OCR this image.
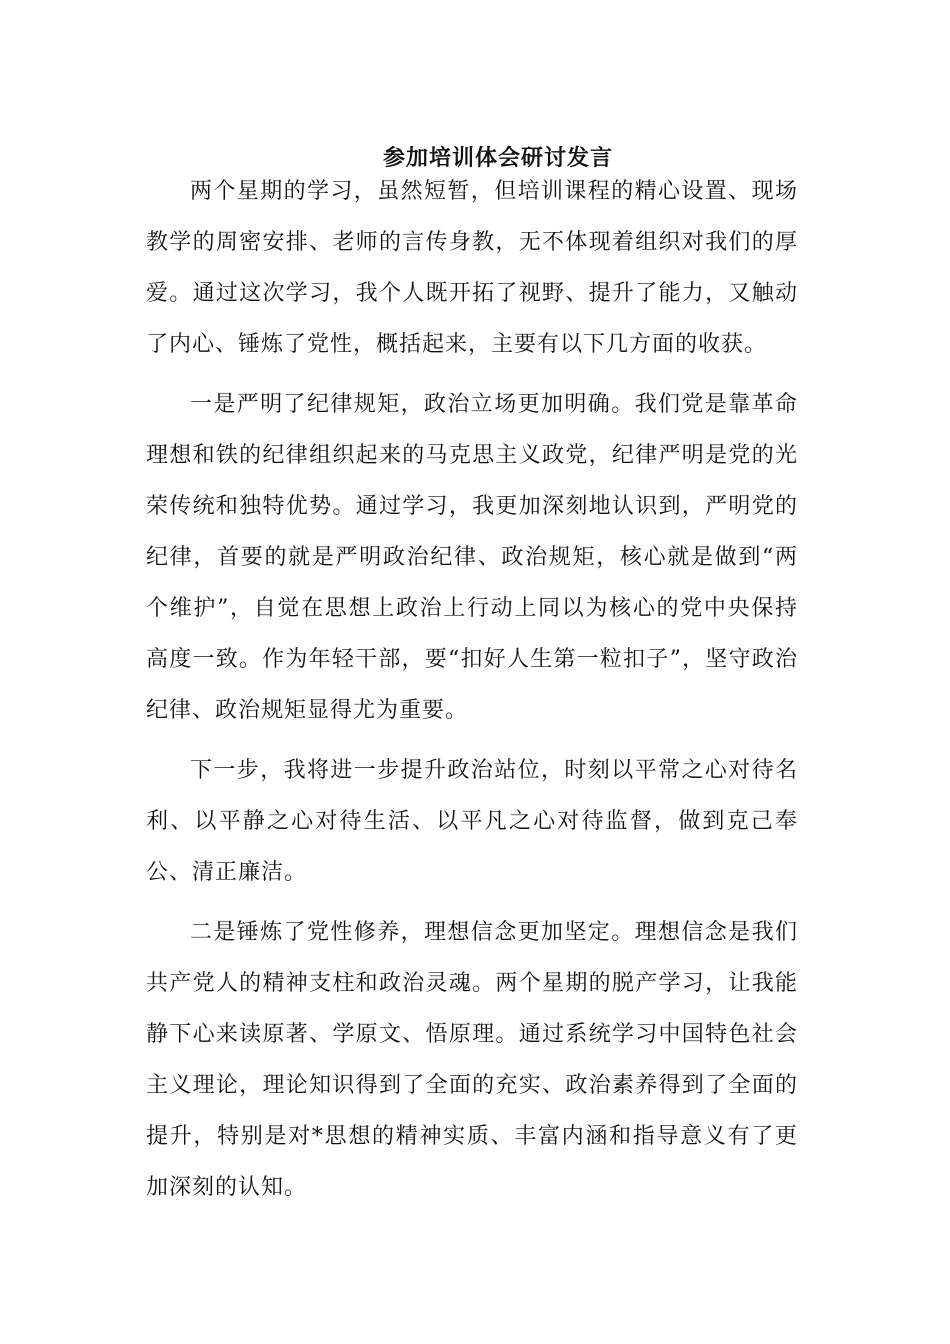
参加培训体会研讨发言

两个星期的学习，虽然短暂，但培训课程的精心设置、现场教学的周密安排、老师的言传身教，无不体现着组织对我们的厚爱。通过这次学习，我个人既开拓了视野、提升了能力，又触动了内心、锤炼了党性，概括起来，主要有以下几方面的收获。

一是严明了纪律规矩，政治立场更加明确。我们党是靠革命理想和铁的纪律组织起来的马克思主义政党，纪律严明是党的光荣传统和独特优势。通过学习，我更加深刻地认识到，严明党的纪律，首要的就是严明政治纪律、政治规矩，核心就是做到“两个维护”，自觉在思想上政治上行动上同以为核心的党中央保持高度一致。作为年轻干部，要“扣好人生第一粒扣子”，坚守政治纪律、政治规矩显得尤为重要。

下一步，我将进一步提升政治站位，时刻以平常之心对待名利、以平静之心对待生活、以平凡之心对待监督，做到克己奉公、清正廉洁。

二是锤炼了党性修养，理想信念更加坚定。理想信念是我们共产党人的精神支柱和政治灵魂。两个星期的脱产学习，让我能静下心来读原著、学原文、悟原理。通过系统学习中国特色社会主义理论，理论知识得到了全面的充实、政治素养得到了全面的提升，特别是对*思想的精神实质、丰富内涵和指导意义有了更加深刻的认知。
